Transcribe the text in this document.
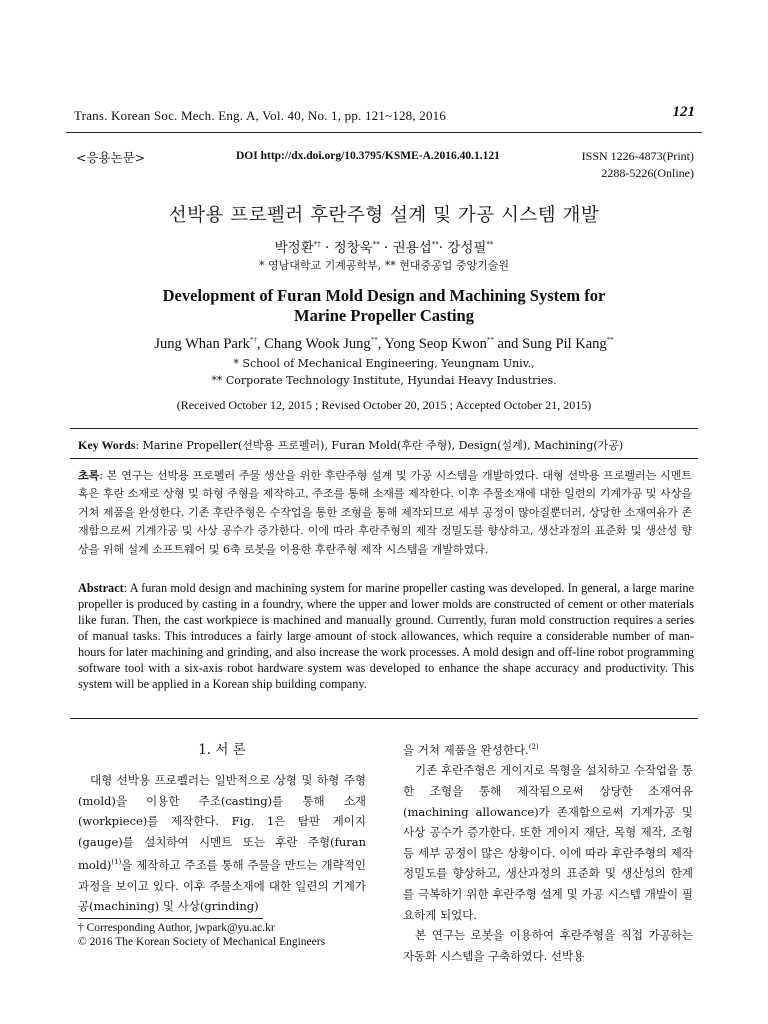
Trans. Korean Soc. Mech. Eng. A, Vol. 40, No. 1, pp. 121~128, 2016	121
<응용논문>	DOI http://dx.doi.org/10.3795/KSME-A.2016.40.1.121	ISSN 1226-4873(Print)
2288-5226(Online)
선박용 프로펠러 후란주형 설계 및 가공 시스템 개발
박정환*† · 정창욱** · 권용섭**· 강성필**
* 영남대학교 기계공학부, ** 현대중공업 중앙기술원
Development of Furan Mold Design and Machining System for
Marine Propeller Casting
Jung Whan Park*†, Chang Wook Jung**, Yong Seop Kwon** and Sung Pil Kang**
* School of Mechanical Engineering, Yeungnam Univ.,
** Corporate Technology Institute, Hyundai Heavy Industries.
(Received October 12, 2015 ; Revised October 20, 2015 ; Accepted October 21, 2015)
Key Words: Marine Propeller(선박용 프로펠러), Furan Mold(후란 주형), Design(설계), Machining(가공)
초록: 본 연구는 선박용 프로펠러 주물 생산을 위한 후란주형 설계 및 가공 시스템을 개발하였다. 대형 선박용 프로펠러는 시멘트 혹은 후란 소재로 상형 및 하형 주형을 제작하고, 주조를 통해 소재를 제작한다. 이후 주물소재에 대한 일련의 기계가공 및 사상을 거쳐 제품을 완성한다. 기존 후란주형은 수작업을 통한 조형을 통해 제작되므로 세부 공정이 많아질뿐더러, 상당한 소재여유가 존재함으로써 기계가공 및 사상 공수가 증가한다. 이에 따라 후란주형의 제작 정밀도를 향상하고, 생산과정의 표준화 및 생산성 향상을 위해 설계 소프트웨어 및 6축 로봇을 이용한 후란주형 제작 시스템을 개발하였다.
Abstract: A furan mold design and machining system for marine propeller casting was developed. In general, a large marine propeller is produced by casting in a foundry, where the upper and lower molds are constructed of cement or other materials like furan. Then, the cast workpiece is machined and manually ground. Currently, furan mold construction requires a series of manual tasks. This introduces a fairly large amount of stock allowances, which require a considerable number of man-hours for later machining and grinding, and also increase the work processes. A mold design and off-line robot programming software tool with a six-axis robot hardware system was developed to enhance the shape accuracy and productivity. This system will be applied in a Korean ship building company.
1. 서 론
대형 선박용 프로펠러는 일반적으로 상형 및 하형 주형(mold)을 이용한 주조(casting)를 통해 소재(workpiece)를 제작한다. Fig. 1은 탐판 게이지(gauge)를 설치하여 시멘트 또는 후란 주형(furan mold)$^{(1)}$을 제작하고 주조를 통해 주물을 만드는 개략적인 과정을 보이고 있다. 이후 주물소재에 대한 일련의 기계가공(machining) 및 사상(grinding)
을 거쳐 제품을 완성한다.$^{(2)}$
기존 후란주형은 게이지로 목형을 설치하고 수작업을 통한 조형을 통해 제작됨으로써 상당한 소재여유(machining allowance)가 존재함으로써 기계가공 및 사상 공수가 증가한다. 또한 게이지 재단, 목형 제작, 조형 등 세부 공정이 많은 상황이다. 이에 따라 후란주형의 제작 정밀도를 향상하고, 생산과정의 표준화 및 생산성의 한계를 극복하기 위한 후란주형 설계 및 가공 시스템 개발이 필요하게 되었다.
본 연구는 로봇을 이용하여 후란주형을 직접 가공하는 자동화 시스템을 구축하였다. 선박용
† Corresponding Author, jwpark@yu.ac.kr
© 2016 The Korean Society of Mechanical Engineers
